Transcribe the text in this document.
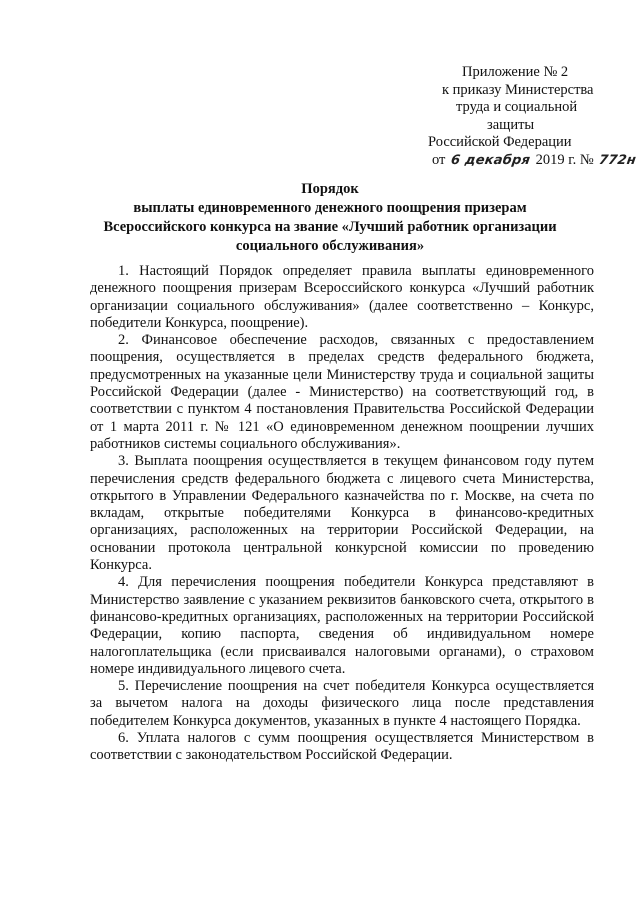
Приложение № 2
к приказу Министерства
труда и социальной
защиты
Российской Федерации
от 6 декабря 2019 г. № 772н
Порядок
выплаты единовременного денежного поощрения призерам
Всероссийского конкурса на звание «Лучший работник организации
социального обслуживания»

1. Настоящий Порядок определяет правила выплаты единовременного денежного поощрения призерам Всероссийского конкурса «Лучший работник организации социального обслуживания» (далее соответственно – Конкурс, победители Конкурса, поощрение).

2. Финансовое обеспечение расходов, связанных с предоставлением поощрения, осуществляется в пределах средств федерального бюджета, предусмотренных на указанные цели Министерству труда и социальной защиты Российской Федерации (далее - Министерство) на соответствующий год, в соответствии с пунктом 4 постановления Правительства Российской Федерации от 1 марта 2011 г. № 121 «О единовременном денежном поощрении лучших работников системы социального обслуживания».

3. Выплата поощрения осуществляется в текущем финансовом году путем перечисления средств федерального бюджета с лицевого счета Министерства, открытого в Управлении Федерального казначейства по г. Москве, на счета по вкладам, открытые победителями Конкурса в финансово-кредитных организациях, расположенных на территории Российской Федерации, на основании протокола центральной конкурсной комиссии по проведению Конкурса.

4. Для перечисления поощрения победители Конкурса представляют в Министерство заявление с указанием реквизитов банковского счета, открытого в финансово-кредитных организациях, расположенных на территории Российской Федерации, копию паспорта, сведения об индивидуальном номере налогоплательщика (если присваивался налоговыми органами), о страховом номере индивидуального лицевого счета.

5. Перечисление поощрения на счет победителя Конкурса осуществляется за вычетом налога на доходы физического лица после представления победителем Конкурса документов, указанных в пункте 4 настоящего Порядка.

6. Уплата налогов с сумм поощрения осуществляется Министерством в соответствии с законодательством Российской Федерации.
